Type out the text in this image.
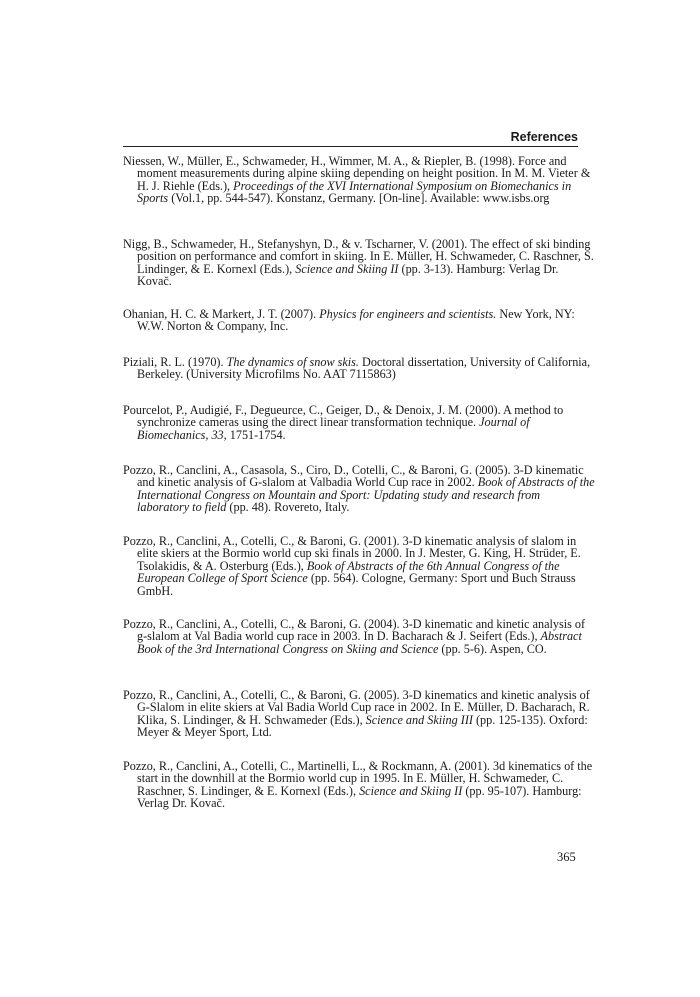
References

Niessen, W., Müller, E., Schwameder, H., Wimmer, M. A., & Riepler, B. (1998). Force and moment measurements during alpine skiing depending on height position. In M. M. Vieter & H. J. Riehle (Eds.), Proceedings of the XVI International Symposium on Biomechanics in Sports (Vol.1, pp. 544-547). Konstanz, Germany. [On-line]. Available: www.isbs.org

Nigg, B., Schwameder, H., Stefanyshyn, D., & v. Tscharner, V. (2001). The effect of ski binding position on performance and comfort in skiing. In E. Müller, H. Schwameder, C. Raschner, S. Lindinger, & E. Kornexl (Eds.), Science and Skiing II (pp. 3-13). Hamburg: Verlag Dr. Kovač.

Ohanian, H. C. & Markert, J. T. (2007). Physics for engineers and scientists. New York, NY: W.W. Norton & Company, Inc.

Piziali, R. L. (1970). The dynamics of snow skis. Doctoral dissertation, University of California, Berkeley. (University Microfilms No. AAT 7115863)

Pourcelot, P., Audigié, F., Degueurce, C., Geiger, D., & Denoix, J. M. (2000). A method to synchronize cameras using the direct linear transformation technique. Journal of Biomechanics, 33, 1751-1754.

Pozzo, R., Canclini, A., Casasola, S., Ciro, D., Cotelli, C., & Baroni, G. (2005). 3-D kinematic and kinetic analysis of G-slalom at Valbadia World Cup race in 2002. Book of Abstracts of the International Congress on Mountain and Sport: Updating study and research from laboratory to field (pp. 48). Rovereto, Italy.

Pozzo, R., Canclini, A., Cotelli, C., & Baroni, G. (2001). 3-D kinematic analysis of slalom in elite skiers at the Bormio world cup ski finals in 2000. In J. Mester, G. King, H. Strüder, E. Tsolakidis, & A. Osterburg (Eds.), Book of Abstracts of the 6th Annual Congress of the European College of Sport Science (pp. 564). Cologne, Germany: Sport und Buch Strauss GmbH.

Pozzo, R., Canclini, A., Cotelli, C., & Baroni, G. (2004). 3-D kinematic and kinetic analysis of g-slalom at Val Badia world cup race in 2003. In D. Bacharach & J. Seifert (Eds.), Abstract Book of the 3rd International Congress on Skiing and Science (pp. 5-6). Aspen, CO.

Pozzo, R., Canclini, A., Cotelli, C., & Baroni, G. (2005). 3-D kinematics and kinetic analysis of G-Slalom in elite skiers at Val Badia World Cup race in 2002. In E. Müller, D. Bacharach, R. Klika, S. Lindinger, & H. Schwameder (Eds.), Science and Skiing III (pp. 125-135). Oxford: Meyer & Meyer Sport, Ltd.

Pozzo, R., Canclini, A., Cotelli, C., Martinelli, L., & Rockmann, A. (2001). 3d kinematics of the start in the downhill at the Bormio world cup in 1995. In E. Müller, H. Schwameder, C. Raschner, S. Lindinger, & E. Kornexl (Eds.), Science and Skiing II (pp. 95-107). Hamburg: Verlag Dr. Kovač.

365
